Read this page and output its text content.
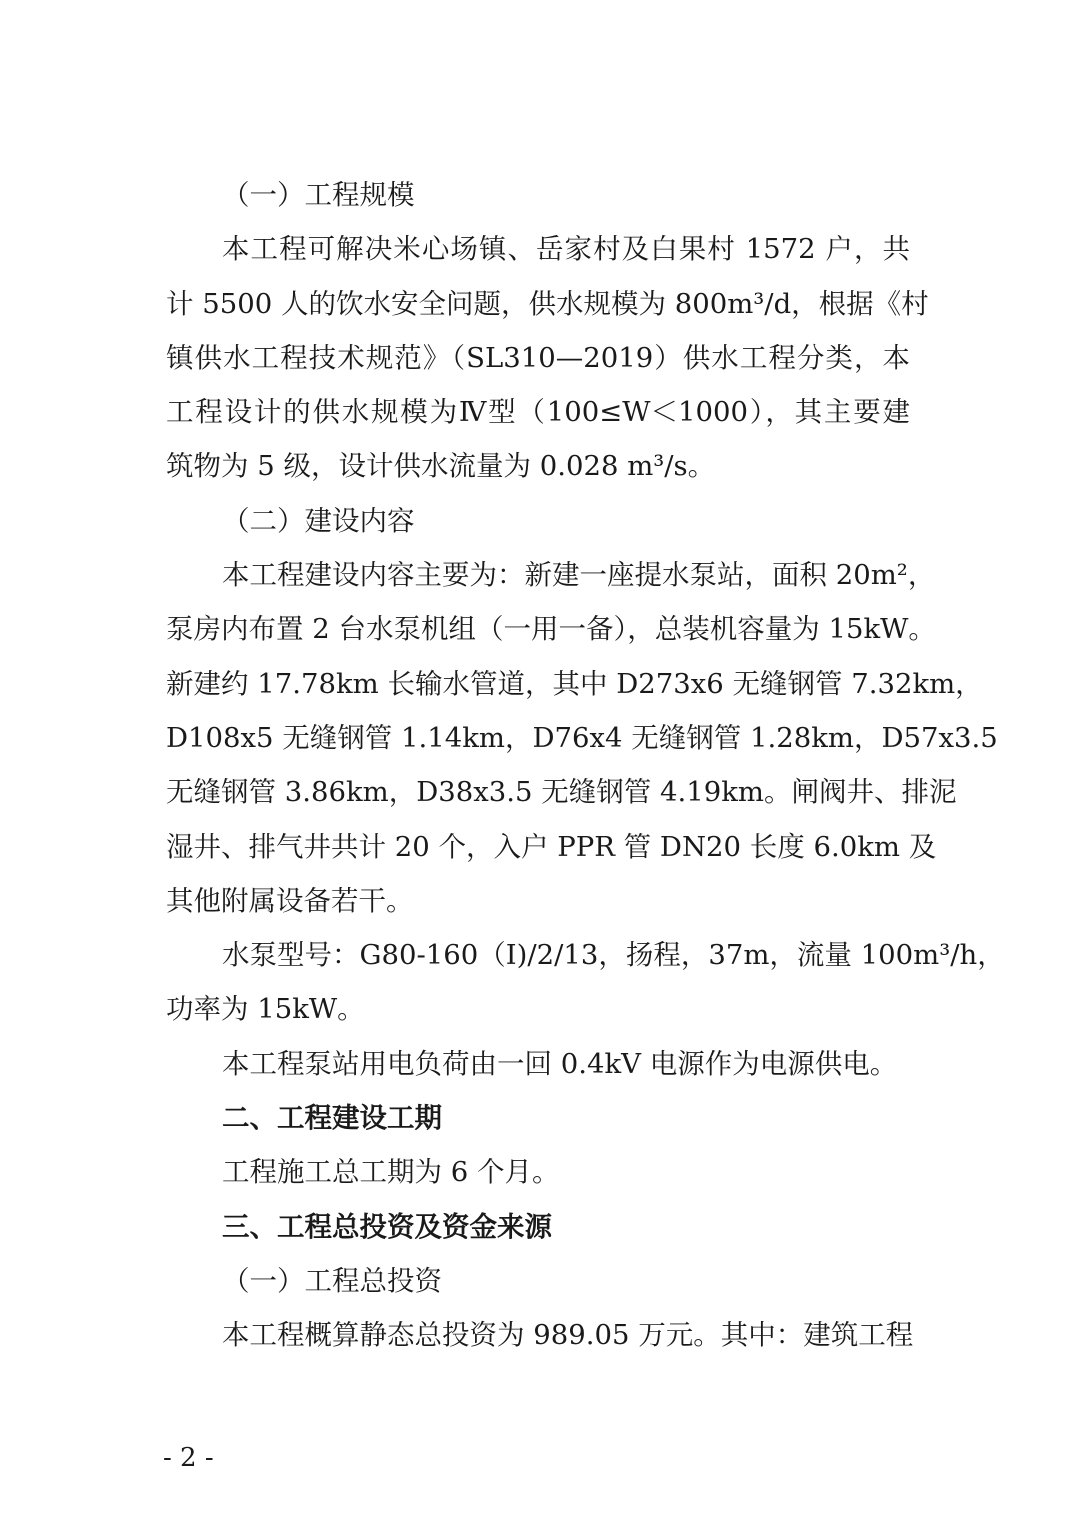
（一）工程规模
本工程可解决米心场镇、岳家村及白果村 1572 户，共
计 5500 人的饮水安全问题，供水规模为 800m³/d，根据《村
镇供水工程技术规范》（SL310—2019）供水工程分类，本
工程设计的供水规模为Ⅳ型（100≤W＜1000），其主要建
筑物为 5 级，设计供水流量为 0.028 m³/s。
（二）建设内容
本工程建设内容主要为：新建一座提水泵站，面积 20m²，
泵房内布置 2 台水泵机组（一用一备），总装机容量为 15kW。
新建约 17.78km 长输水管道，其中 D273x6 无缝钢管 7.32km，
D108x5 无缝钢管 1.14km，D76x4 无缝钢管 1.28km，D57x3.5
无缝钢管 3.86km，D38x3.5 无缝钢管 4.19km。闸阀井、排泥
湿井、排气井共计 20 个，入户 PPR 管 DN20 长度 6.0km 及
其他附属设备若干。
水泵型号：G80-160（Ⅰ)/2/13，扬程，37m，流量 100m³/h，
功率为 15kW。
本工程泵站用电负荷由一回 0.4kV 电源作为电源供电。
二、工程建设工期
工程施工总工期为 6 个月。
三、工程总投资及资金来源
（一）工程总投资
本工程概算静态总投资为 989.05 万元。其中：建筑工程
- 2 -
